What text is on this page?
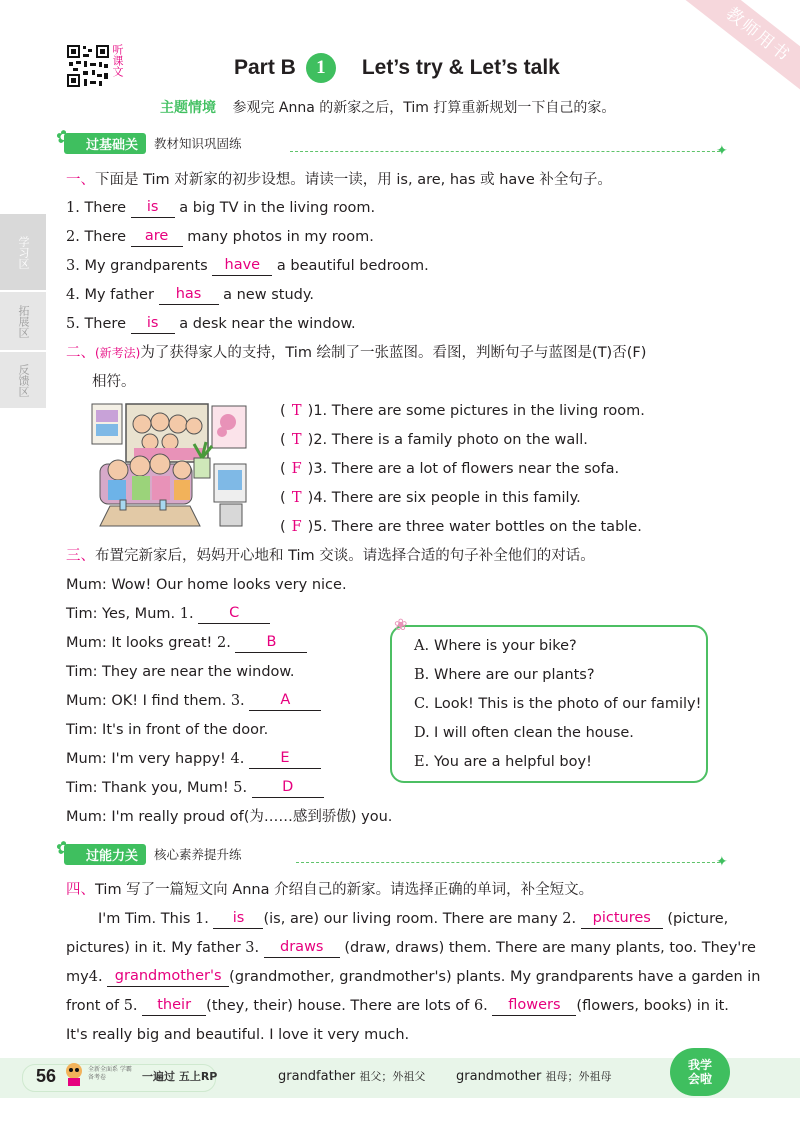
教师用书
听课文	Part B 1 Let’s try & Let’s talk
主题情境 参观完 Anna 的新家之后，Tim 打算重新规划一下自己的家。
学习区
拓展区
反馈区
✿ 过基础关	教材知识巩固练	✦
一、下面是 Tim 对新家的初步设想。请读一读，用 is, are, has 或 have 补全句子。
1. There is a big TV in the living room.
2. There are many photos in my room.
3. My grandparents have a beautiful bedroom.
4. My father has a new study.
5. There is a desk near the window.
二、(新考法)为了获得家人的支持，Tim 绘制了一张蓝图。看图，判断句子与蓝图是(T)否(F)
相符。
( T )1. There are some pictures in the living room.
( T )2. There is a family photo on the wall.
( F )3. There are a lot of flowers near the sofa.
( T )4. There are six people in this family.
( F )5. There are three water bottles on the table.
三、布置完新家后，妈妈开心地和 Tim 交谈。请选择合适的句子补全他们的对话。
Mum: Wow! Our home looks very nice.
Tim: Yes, Mum. 1. C
Mum: It looks great! 2. B
Tim: They are near the window.
Mum: OK! I find them. 3. A
Tim: It's in front of the door.
Mum: I'm very happy! 4. E
Tim: Thank you, Mum! 5. D
Mum: I'm really proud of(为……感到骄傲) you.
❀
A. Where is your bike?
B. Where are our plants?
C. Look! This is the photo of our family!
D. I will often clean the house.
E. You are a helpful boy!
✿ 过能力关	核心素养提升练	✦
四、Tim 写了一篇短文向 Anna 介绍自己的新家。请选择正确的单词，补全短文。
I'm Tim. This 1. is (is, are) our living room. There are many 2. pictures (picture,
pictures) in it. My father 3. draws (draw, draws) them. There are many plants, too. They're
my4. grandmother's (grandmother, grandmother's) plants. My grandparents have a garden in
front of 5. their (they, their) house. There are lots of 6. flowers (flowers, books) in it.
It's really big and beautiful. I love it very much.
56	全新全面系 学霸备考卷	一遍过 五上RP	grandfather 祖父；外祖父 grandmother 祖母；外祖母
我学会啦
